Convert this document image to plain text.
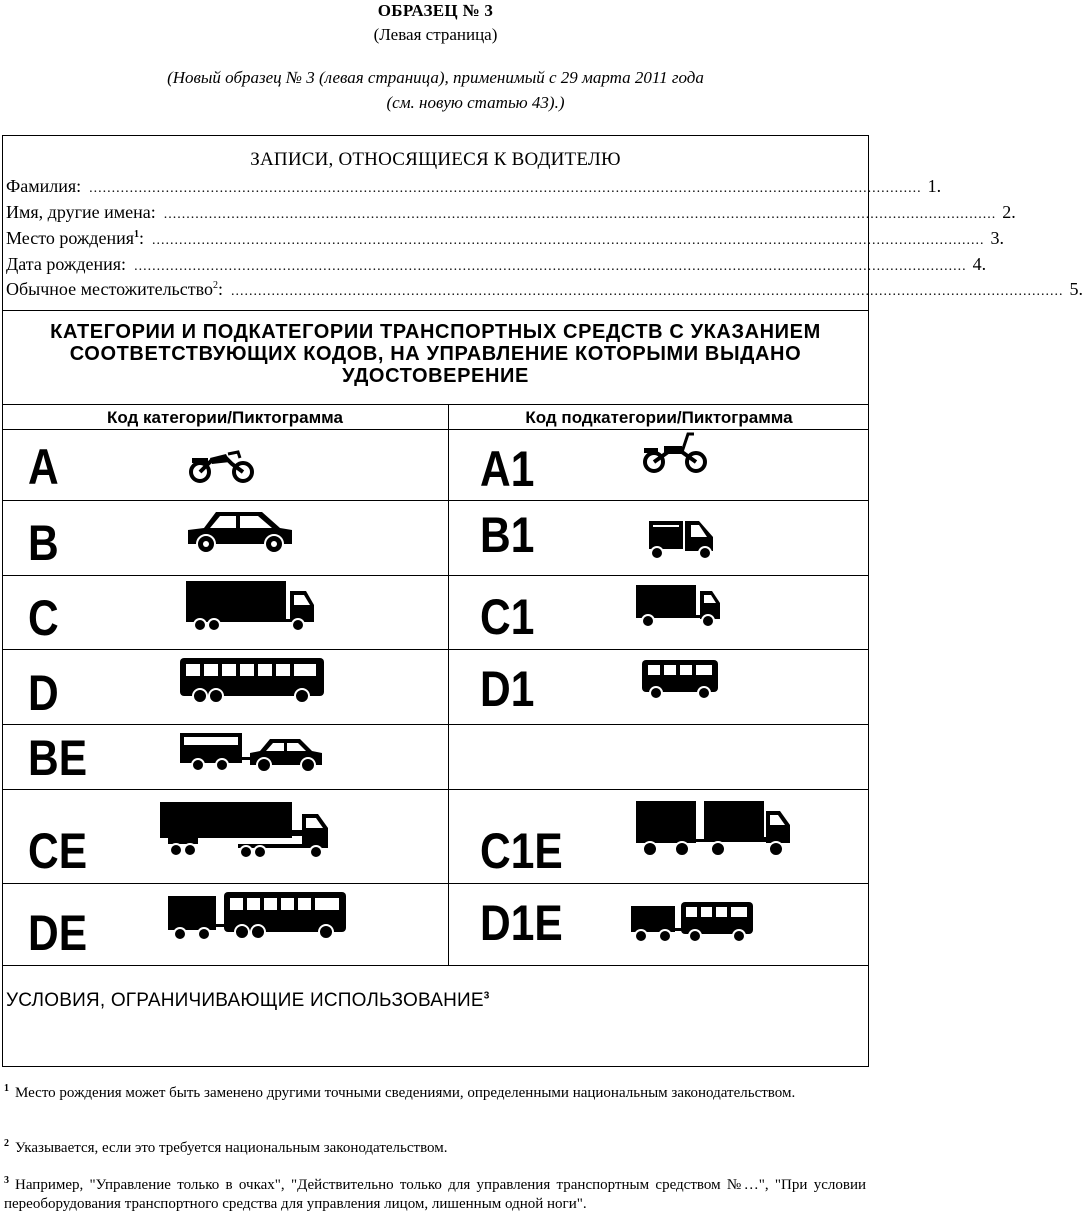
ОБРАЗЕЦ № 3
(Левая страница)
(Новый образец № 3 (левая страница), применимый с 29 марта 2011 года
(см. новую статью 43).)
ЗАПИСИ, ОТНОСЯЩИЕСЯ К ВОДИТЕЛЮ
Фамилия: ......................................................................................................................................................................................... 1.
Имя, другие имена: ......................................................................................................................................................................................... 2.
Место рождения$^1$: ......................................................................................................................................................................................... 3.
Дата рождения: ......................................................................................................................................................................................... 4.
Обычное местожительство$^2$: ......................................................................................................................................................................................... 5.
КАТЕГОРИИ И ПОДКАТЕГОРИИ ТРАНСПОРТНЫХ СРЕДСТВ С УКАЗАНИЕМ СООТВЕТСТВУЮЩИХ КОДОВ, НА УПРАВЛЕНИЕ КОТОРЫМИ ВЫДАНО УДОСТОВЕРЕНИЕ
Код категории/Пиктограмма	Код подкатегории/Пиктограмма
A	A1
B	B1
C	C1
D	D1
BE
CE	C1E
DE	D1E
УСЛОВИЯ, ОГРАНИЧИВАЮЩИЕ ИСПОЛЬЗОВАНИЕ$^3$
$^1$ Место рождения может быть заменено другими точными сведениями, определенными национальным законодательством.
$^2$ Указывается, если это требуется национальным законодательством.
$^3$ Например, "Управление только в очках", "Действительно только для управления транспортным средством №…", "При условии переоборудования транспортного средства для управления лицом, лишенным одной ноги".
